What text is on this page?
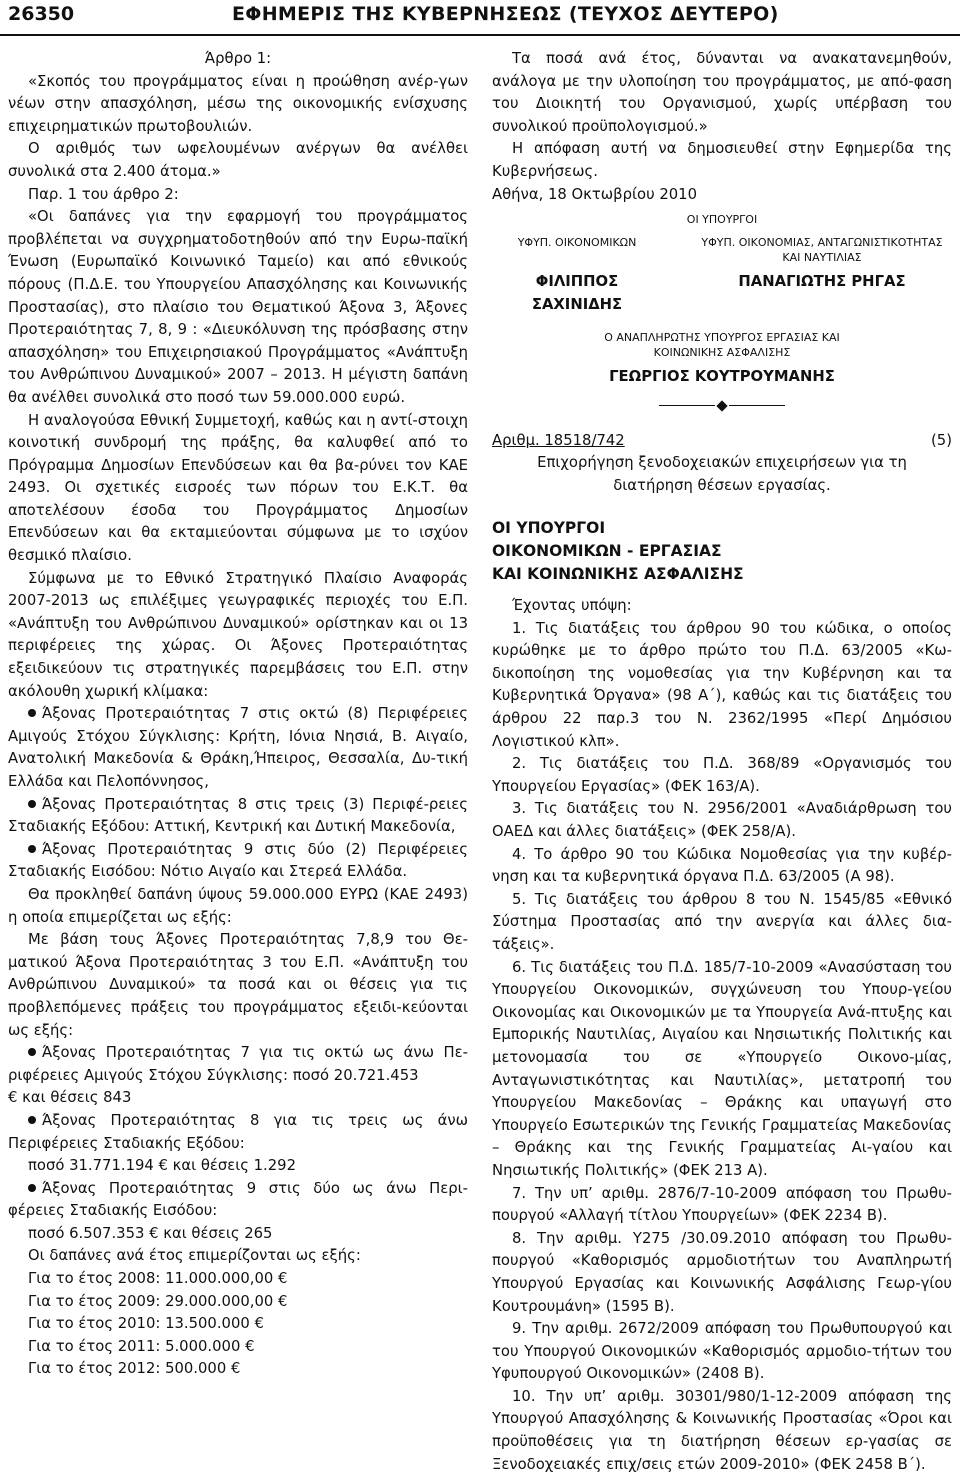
26350	ΕΦΗΜΕΡΙΣ ΤΗΣ ΚΥΒΕΡΝΗΣΕΩΣ (ΤΕΥΧΟΣ ΔΕΥΤΕΡΟ)

Άρθρο 1:

«Σκοπός του προγράμματος είναι η προώθηση ανέρ-γων νέων στην απασχόληση, μέσω της οικονομικής ενίσχυσης επιχειρηματικών πρωτοβουλιών.

Ο αριθμός των ωφελουμένων ανέργων θα ανέλθει συνολικά στα 2.400 άτομα.»

Παρ. 1 του άρθρο 2:

«Οι δαπάνες για την εφαρμογή του προγράμματος προβλέπεται να συγχρηματοδοτηθούν από την Ευρω-παϊκή Ένωση (Ευρωπαϊκό Κοινωνικό Ταμείο) και από εθνικούς πόρους (Π.Δ.Ε. του Υπουργείου Απασχόλησης και Κοινωνικής Προστασίας), στο πλαίσιο του Θεματικού Άξονα 3, Άξονες Προτεραιότητας 7, 8, 9 : «Διευκόλυνση της πρόσβασης στην απασχόληση» του Επιχειρησιακού Προγράμματος «Ανάπτυξη του Ανθρώπινου Δυναμικού» 2007 – 2013. Η μέγιστη δαπάνη θα ανέλθει συνολικά στο ποσό των 59.000.000 ευρώ.

Η αναλογούσα Εθνική Συμμετοχή, καθώς και η αντί-στοιχη κοινοτική συνδρομή της πράξης, θα καλυφθεί από το Πρόγραμμα Δημοσίων Επενδύσεων και θα βα-ρύνει τον ΚΑΕ 2493. Οι σχετικές εισροές των πόρων του Ε.Κ.Τ. θα αποτελέσουν έσοδα του Προγράμματος Δημοσίων Επενδύσεων και θα εκταμιεύονται σύμφωνα με το ισχύον θεσμικό πλαίσιο.

Σύμφωνα με το Εθνικό Στρατηγικό Πλαίσιο Αναφοράς 2007-2013 ως επιλέξιμες γεωγραφικές περιοχές του Ε.Π. «Ανάπτυξη του Ανθρώπινου Δυναμικού» ορίστηκαν και οι 13 περιφέρειες της χώρας. Οι Άξονες Προτεραιότητας εξειδικεύουν τις στρατηγικές παρεμβάσεις του Ε.Π. στην ακόλουθη χωρική κλίμακα:

Άξονας Προτεραιότητας 7 στις οκτώ (8) Περιφέρειες Αμιγούς Στόχου Σύγκλισης: Κρήτη, Ιόνια Νησιά, Β. Αιγαίο, Ανατολική Μακεδονία & Θράκη,Ήπειρος, Θεσσαλία, Δυ-τική Ελλάδα και Πελοπόννησος,

Άξονας Προτεραιότητας 8 στις τρεις (3) Περιφέ-ρειες Σταδιακής Εξόδου: Αττική, Κεντρική και Δυτική Μακεδονία,

Άξονας Προτεραιότητας 9 στις δύο (2) Περιφέρειες Σταδιακής Εισόδου: Νότιο Αιγαίο και Στερεά Ελλάδα.

Θα προκληθεί δαπάνη ύψους 59.000.000 ΕΥΡΩ (ΚΑΕ 2493) η οποία επιμερίζεται ως εξής:

Με βάση τους Άξονες Προτεραιότητας 7,8,9 του Θε-ματικού Άξονα Προτεραιότητας 3 του Ε.Π. «Ανάπτυξη του Ανθρώπινου Δυναμικού» τα ποσά και οι θέσεις για τις προβλεπόμενες πράξεις του προγράμματος εξειδι-κεύονται ως εξής:

Άξονας Προτεραιότητας 7 για τις οκτώ ως άνω Πε-ριφέρειες Αμιγούς Στόχου Σύγκλισης: ποσό 20.721.453

€ και θέσεις 843

Άξονας Προτεραιότητας 8 για τις τρεις ως άνω Περιφέρειες Σταδιακής Εξόδου:

ποσό 31.771.194 € και θέσεις 1.292

Άξονας Προτεραιότητας 9 στις δύο ως άνω Περι-φέρειες Σταδιακής Εισόδου:

ποσό 6.507.353 € και θέσεις 265

Οι δαπάνες ανά έτος επιμερίζονται ως εξής:

Για το έτος 2008: 11.000.000,00 €

Για το έτος 2009: 29.000.000,00 €

Για το έτος 2010: 13.500.000 €

Για το έτος 2011: 5.000.000 €

Για το έτος 2012: 500.000 €

Τα ποσά ανά έτος, δύνανται να ανακατανεμηθούν, ανάλογα με την υλοποίηση του προγράμματος, με από-φαση του Διοικητή του Οργανισμού, χωρίς υπέρβαση του συνολικού προϋπολογισμού.»

Η απόφαση αυτή να δημοσιευθεί στην Εφημερίδα της Κυβερνήσεως.

Αθήνα, 18 Οκτωβρίου 2010

ΟΙ ΥΠΟΥΡΓΟΙ

ΥΦΥΠ. ΟΙΚΟΝΟΜΙΚΩΝ	ΥΦΥΠ. ΟΙΚΟΝΟΜΙΑΣ, ΑΝΤΑΓΩΝΙΣΤΙΚΟΤΗΤΑΣ ΚΑΙ ΝΑΥΤΙΛΙΑΣ
ΦΙΛΙΠΠΟΣ ΣΑΧΙΝΙΔΗΣ
ΠΑΝΑΓΙΩΤΗΣ ΡΗΓΑΣ

Ο ΑΝΑΠΛΗΡΩΤΗΣ ΥΠΟΥΡΓΟΣ ΕΡΓΑΣΙΑΣ ΚΑΙ ΚΟΙΝΩΝΙΚΗΣ ΑΣΦΑΛΙΣΗΣ

ΓΕΩΡΓΙΟΣ ΚΟΥΤΡΟΥΜΑΝΗΣ

Αριθμ. 18518/742	(5)

Επιχορήγηση ξενοδοχειακών επιχειρήσεων για τη διατήρηση θέσεων εργασίας.

ΟΙ ΥΠΟΥΡΓΟΙ

ΟΙΚΟΝΟΜΙΚΩΝ - ΕΡΓΑΣΙΑΣ

ΚΑΙ ΚΟΙΝΩΝΙΚΗΣ ΑΣΦΑΛΙΣΗΣ

Έχοντας υπόψη:

1. Τις διατάξεις του άρθρου 90 του κώδικα, ο οποίος κυρώθηκε με το άρθρο πρώτο του Π.Δ. 63/2005 «Κω-δικοποίηση της νομοθεσίας για την Κυβέρνηση και τα Κυβερνητικά Όργανα» (98 Α΄), καθώς και τις διατάξεις του άρθρου 22 παρ.3 του Ν. 2362/1995 «Περί Δημόσιου Λογιστικού κλπ».

2. Τις διατάξεις του Π.Δ. 368/89 «Οργανισμός του Υπουργείου Εργασίας» (ΦΕΚ 163/Α).

3. Τις διατάξεις του Ν. 2956/2001 «Αναδιάρθρωση του ΟΑΕΔ και άλλες διατάξεις» (ΦΕΚ 258/Α).

4. Το άρθρο 90 του Κώδικα Νομοθεσίας για την κυβέρ-νηση και τα κυβερνητικά όργανα Π.Δ. 63/2005 (Α 98).

5. Τις διατάξεις του άρθρου 8 του Ν. 1545/85 «Εθνικό Σύστημα Προστασίας από την ανεργία και άλλες δια-τάξεις».

6. Τις διατάξεις του Π.Δ. 185/7-10-2009 «Ανασύσταση του Υπουργείου Οικονομικών, συγχώνευση του Υπουρ-γείου Οικονομίας και Οικονομικών με τα Υπουργεία Ανά-πτυξης και Εμπορικής Ναυτιλίας, Αιγαίου και Νησιωτικής Πολιτικής και μετονομασία του σε «Υπουργείο Οικονο-μίας, Ανταγωνιστικότητας και Ναυτιλίας», μετατροπή του Υπουργείου Μακεδονίας – Θράκης και υπαγωγή στο Υπουργείο Εσωτερικών της Γενικής Γραμματείας Μακεδονίας – Θράκης και της Γενικής Γραμματείας Αι-γαίου και Νησιωτικής Πολιτικής» (ΦΕΚ 213 Α).

7. Την υπ’ αριθμ. 2876/7-10-2009 απόφαση του Πρωθυ-πουργού «Αλλαγή τίτλου Υπουργείων» (ΦΕΚ 2234 Β).

8. Την αριθμ. Υ275 /30.09.2010 απόφαση του Πρωθυ-πουργού «Καθορισμός αρμοδιοτήτων του Αναπληρωτή Υπουργού Εργασίας και Κοινωνικής Ασφάλισης Γεωρ-γίου Κουτρουμάνη» (1595 Β).

9. Την αριθμ. 2672/2009 απόφαση του Πρωθυπουργού και του Υπουργού Οικονομικών «Καθορισμός αρμοδιο-τήτων του Υφυπουργού Οικονομικών» (2408 Β).

10. Την υπ’ αριθμ. 30301/980/1-12-2009 απόφαση της Υπουργού Απασχόλησης & Κοινωνικής Προστασίας «Όροι και προϋποθέσεις για τη διατήρηση θέσεων ερ-γασίας σε Ξενοδοχειακές επιχ/σεις ετών 2009-2010» (ΦΕΚ 2458 Β΄).
